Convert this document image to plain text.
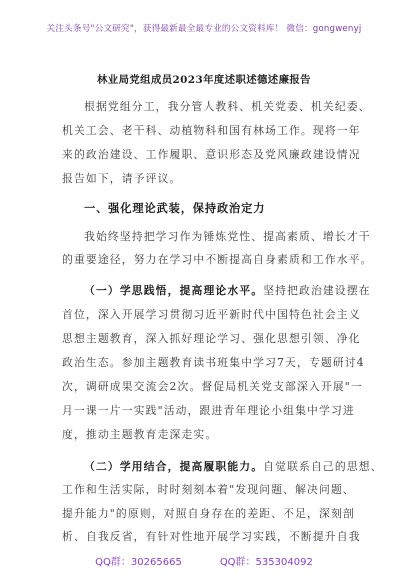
关注头条号"公文研究"，获得最新最全最专业的公文资料库！ 微信：gongwenyj
林业局党组成员2023年度述职述德述廉报告
根据党组分工，我分管人教科、机关党委、机关纪委、
机关工会、老干科、动植物科和国有林场工作。现将一年
来的政治建设、工作履职、意识形态及党风廉政建设情况
报告如下，请予评议。
一、强化理论武装，保持政治定力
我始终坚持把学习作为锤炼党性、提高素质、增长才干
的重要途径，努力在学习中不断提高自身素质和工作水平。
（一）学思践悟，提高理论水平。坚持把政治建设摆在
首位，深入开展学习贯彻习近平新时代中国特色社会主义
思想主题教育，深入抓好理论学习、强化思想引领、净化
政治生态。参加主题教育读书班集中学习7天，专题研讨4
次，调研成果交流会2次。督促局机关党支部深入开展"一
月一课一片一实践"活动，跟进青年理论小组集中学习进
度，推动主题教育走深走实。
（二）学用结合，提高履职能力。自觉联系自己的思想、
工作和生活实际，时时刻刻本着"发现问题、解决问题、
提升能力"的原则，对照自身存在的差距、不足，深刻剖
析、自我反省，有针对性地开展学习实践，不断提升自我
QQ群：30265665	QQ群：535304092
